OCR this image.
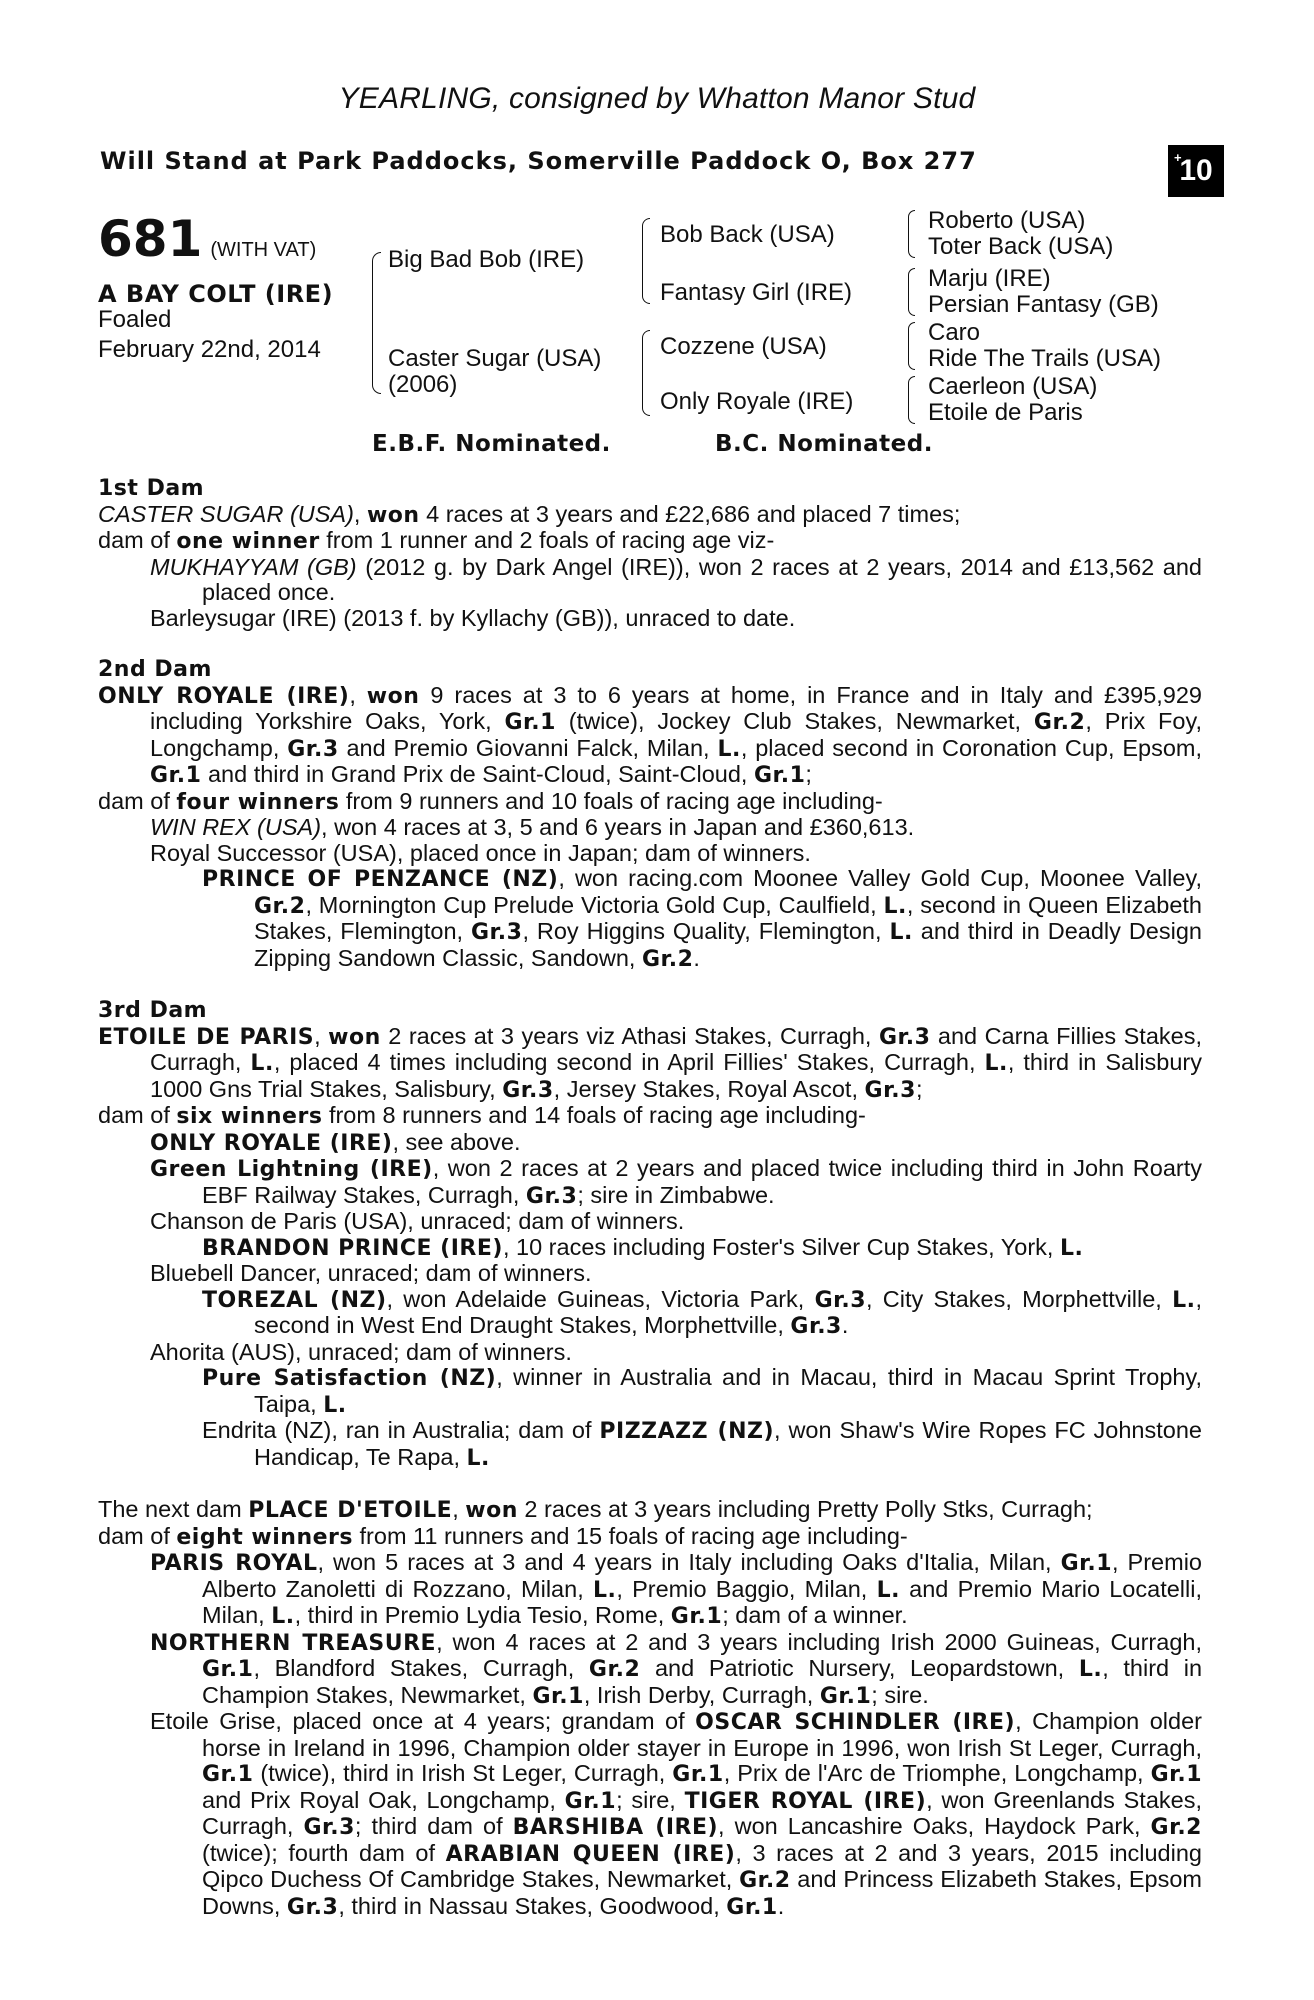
YEARLING, consigned by Whatton Manor Stud
Will Stand at Park Paddocks, Somerville Paddock O, Box 277	+
10
681 (WITH VAT)
A BAY COLT (IRE)
Foaled
February 22nd, 2014
Big Bad Bob (IRE)
Caster Sugar (USA)
(2006)
Bob Back (USA)
Fantasy Girl (IRE)
Cozzene (USA)
Only Royale (IRE)
Roberto (USA)
Toter Back (USA)
Marju (IRE)
Persian Fantasy (GB)
Caro
Ride The Trails (USA)
Caerleon (USA)
Etoile de Paris
E.B.F. Nominated.	B.C. Nominated.

1st Dam

CASTER SUGAR (USA), won 4 races at 3 years and £22,686 and placed 7 times;

dam of one winner from 1 runner and 2 foals of racing age viz-

MUKHAYYAM (GB) (2012 g. by Dark Angel (IRE)), won 2 races at 2 years, 2014 and £13,562 and placed once.

Barleysugar (IRE) (2013 f. by Kyllachy (GB)), unraced to date.

2nd Dam

ONLY ROYALE (IRE), won 9 races at 3 to 6 years at home, in France and in Italy and £395,929 including Yorkshire Oaks, York, Gr.1 (twice), Jockey Club Stakes, Newmarket, Gr.2, Prix Foy, Longchamp, Gr.3 and Premio Giovanni Falck, Milan, L., placed second in Coronation Cup, Epsom, Gr.1 and third in Grand Prix de Saint-Cloud, Saint-Cloud, Gr.1;

dam of four winners from 9 runners and 10 foals of racing age including-

WIN REX (USA), won 4 races at 3, 5 and 6 years in Japan and £360,613.

Royal Successor (USA), placed once in Japan; dam of winners.

PRINCE OF PENZANCE (NZ), won racing.com Moonee Valley Gold Cup, Moonee Valley, Gr.2, Mornington Cup Prelude Victoria Gold Cup, Caulfield, L., second in Queen Elizabeth Stakes, Flemington, Gr.3, Roy Higgins Quality, Flemington, L. and third in Deadly Design Zipping Sandown Classic, Sandown, Gr.2.

3rd Dam

ETOILE DE PARIS, won 2 races at 3 years viz Athasi Stakes, Curragh, Gr.3 and Carna Fillies Stakes, Curragh, L., placed 4 times including second in April Fillies' Stakes, Curragh, L., third in Salisbury 1000 Gns Trial Stakes, Salisbury, Gr.3, Jersey Stakes, Royal Ascot, Gr.3;

dam of six winners from 8 runners and 14 foals of racing age including-

ONLY ROYALE (IRE), see above.

Green Lightning (IRE), won 2 races at 2 years and placed twice including third in John Roarty EBF Railway Stakes, Curragh, Gr.3; sire in Zimbabwe.

Chanson de Paris (USA), unraced; dam of winners.

BRANDON PRINCE (IRE), 10 races including Foster's Silver Cup Stakes, York, L.

Bluebell Dancer, unraced; dam of winners.

TOREZAL (NZ), won Adelaide Guineas, Victoria Park, Gr.3, City Stakes, Morphettville, L., second in West End Draught Stakes, Morphettville, Gr.3.

Ahorita (AUS), unraced; dam of winners.

Pure Satisfaction (NZ), winner in Australia and in Macau, third in Macau Sprint Trophy, Taipa, L.

Endrita (NZ), ran in Australia; dam of PIZZAZZ (NZ), won Shaw's Wire Ropes FC Johnstone Handicap, Te Rapa, L.

The next dam PLACE D'ETOILE, won 2 races at 3 years including Pretty Polly Stks, Curragh;

dam of eight winners from 11 runners and 15 foals of racing age including-

PARIS ROYAL, won 5 races at 3 and 4 years in Italy including Oaks d'Italia, Milan, Gr.1, Premio Alberto Zanoletti di Rozzano, Milan, L., Premio Baggio, Milan, L. and Premio Mario Locatelli, Milan, L., third in Premio Lydia Tesio, Rome, Gr.1; dam of a winner.

NORTHERN TREASURE, won 4 races at 2 and 3 years including Irish 2000 Guineas, Curragh, Gr.1, Blandford Stakes, Curragh, Gr.2 and Patriotic Nursery, Leopardstown, L., third in Champion Stakes, Newmarket, Gr.1, Irish Derby, Curragh, Gr.1; sire.

Etoile Grise, placed once at 4 years; grandam of OSCAR SCHINDLER (IRE), Champion older horse in Ireland in 1996, Champion older stayer in Europe in 1996, won Irish St Leger, Curragh, Gr.1 (twice), third in Irish St Leger, Curragh, Gr.1, Prix de l'Arc de Triomphe, Longchamp, Gr.1 and Prix Royal Oak, Longchamp, Gr.1; sire, TIGER ROYAL (IRE), won Greenlands Stakes, Curragh, Gr.3; third dam of BARSHIBA (IRE), won Lancashire Oaks, Haydock Park, Gr.2 (twice); fourth dam of ARABIAN QUEEN (IRE), 3 races at 2 and 3 years, 2015 including Qipco Duchess Of Cambridge Stakes, Newmarket, Gr.2 and Princess Elizabeth Stakes, Epsom Downs, Gr.3, third in Nassau Stakes, Goodwood, Gr.1.
